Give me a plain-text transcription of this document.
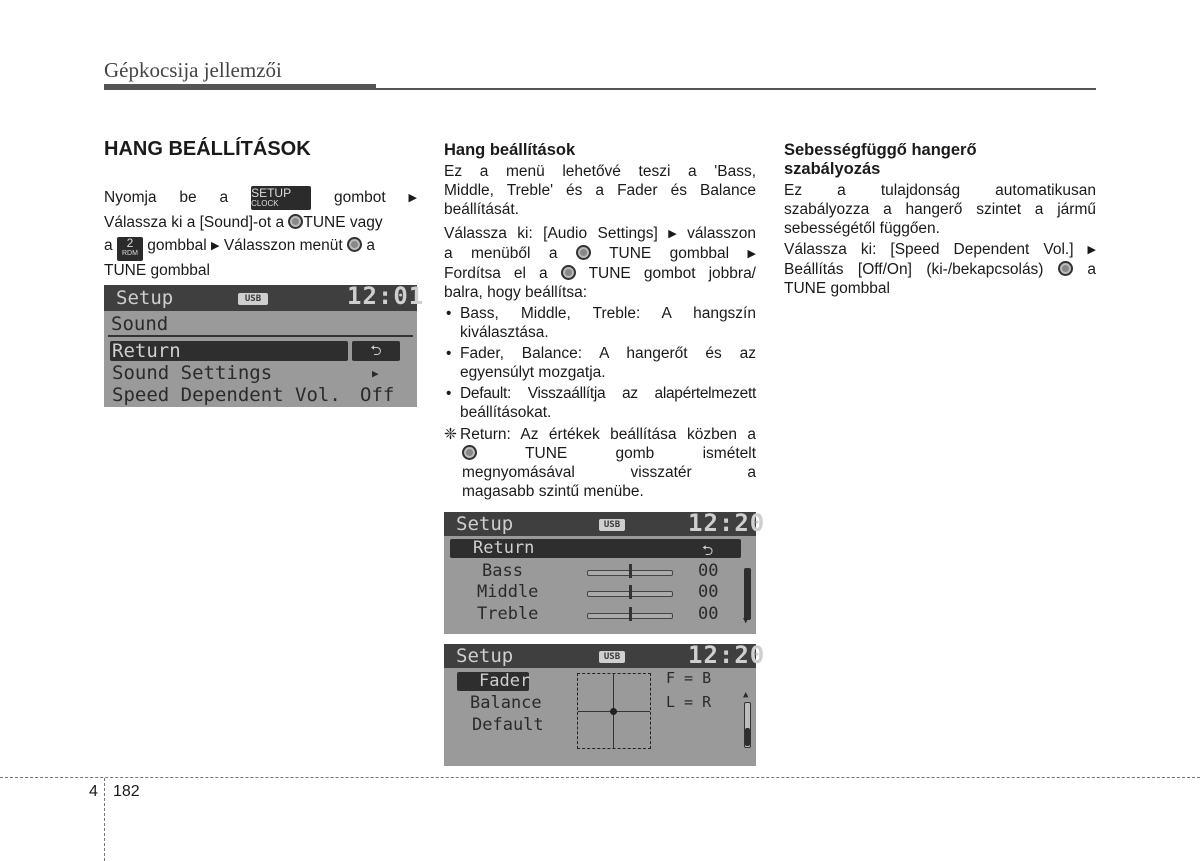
Gépkocsija jellemzői
HANG BEÁLLÍTÁSOK

Nyomja be a SETUP
CLOCK	gombot ▶

Válassza ki a [Sound]-ot a TUNE vagy

a	2
RDM gombbal ▶ Válasszon menüt a

TUNE gombbal

Setup	USB	12:01
Sound
Return	⮌
Sound Settings	▶
Speed Dependent Vol. Off
Hang beállítások

Ez a menü lehetővé teszi a 'Bass,

Middle, Treble' és a Fader és Balance

beállítását.

Válassza ki: [Audio Settings] ▶ válasszon

a menüből a	TUNE gombbal ▶

Fordítsa el a	TUNE gombot jobbra/

balra, hogy beállítsa:

• Bass, Middle, Treble: A hangszín
kiválasztása.
• Fader, Balance: A hangerőt és az
egyensúlyt mozgatja.
• Default: Visszaállítja az alapértelmezett
beállításokat.
❈ Return: Az értékek beállítása közben a
TUNE gomb ismételt
megnyomásával visszatér a
magasabb szintű menübe.
Setup	USB	12:20
Return	⮌
Bass	00
Middle	00
Treble	00	▼
Setup	USB	12:20
Fader
Balance
Default
F = B
L = R	▲
Sebességfüggő hangerő
szabályozás

Ez a tulajdonság automatikusan

szabályozza a hangerő szintet a jármű

sebességétől függően.

Válassza ki: [Speed Dependent Vol.] ▶

Beállítás [Off/On] (ki-/bekapcsolás)	a

TUNE gombbal

4 182
